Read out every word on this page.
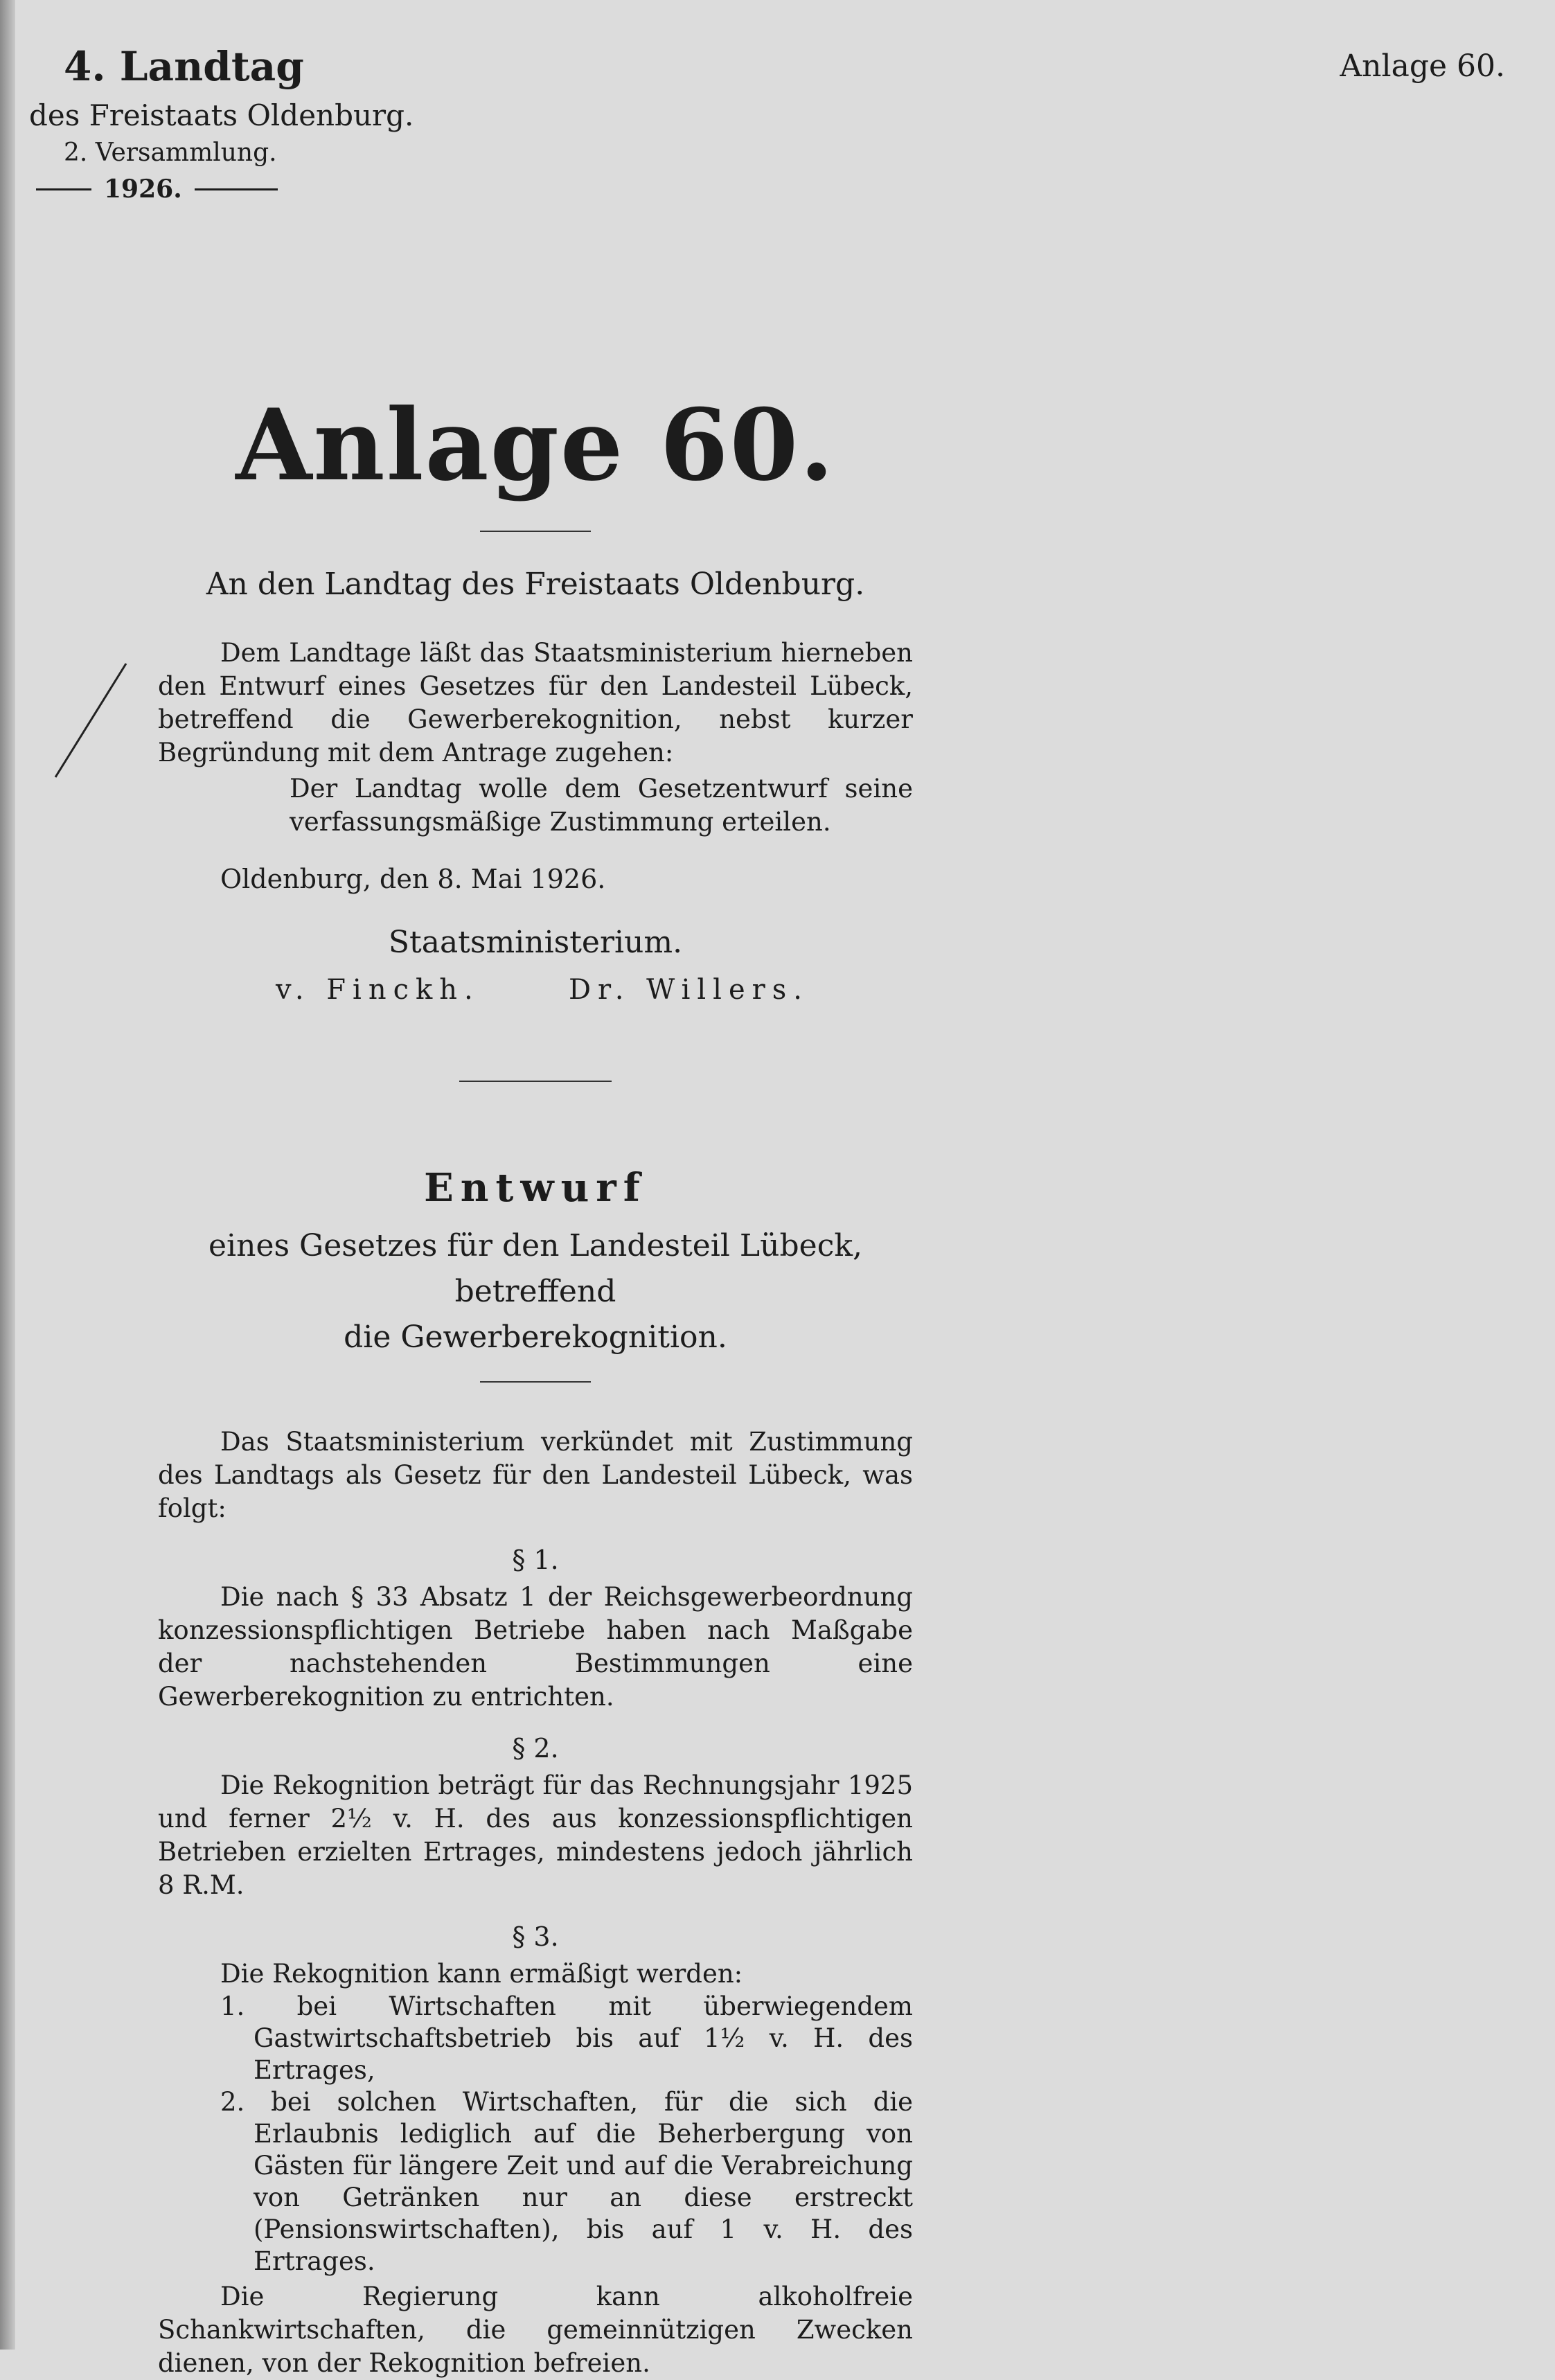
4. Landtag
des Freistaats Oldenburg.
2. Versammlung.
1926.
Anlage 60.
Anlage 60.
An den Landtag des Freistaats Oldenburg.

Dem Landtage läßt das Staatsministerium hierneben den Entwurf eines Gesetzes für den Landesteil Lübeck, betreffend die Gewerberekognition, nebst kurzer Begründung mit dem Antrage zugehen:

Der Landtag wolle dem Gesetzentwurf seine verfassungsmäßige Zustimmung erteilen.

Oldenburg, den 8. Mai 1926.
Staatsministerium.
v. Finckh.	Dr. Willers.
Entwurf
eines Gesetzes für den Landesteil Lübeck, betreffend
die Gewerberekognition.

Das Staatsministerium verkündet mit Zustimmung des Landtags als Gesetz für den Landesteil Lübeck, was folgt:

§ 1.

Die nach § 33 Absatz 1 der Reichsgewerbeordnung konzessionspflichtigen Betriebe haben nach Maßgabe der nachstehenden Bestimmungen eine Gewerberekognition zu entrichten.

§ 2.

Die Rekognition beträgt für das Rechnungsjahr 1925 und ferner 2½ v. H. des aus konzessionspflichtigen Betrieben erzielten Ertrages, mindestens jedoch jährlich 8 R.M.

§ 3.

Die Rekognition kann ermäßigt werden:

1. bei Wirtschaften mit überwiegendem Gastwirtschaftsbetrieb bis auf 1½ v. H. des Ertrages,
2. bei solchen Wirtschaften, für die sich die Erlaubnis lediglich auf die Beherbergung von Gästen für längere Zeit und auf die Verabreichung von Getränken nur an diese erstreckt (Pensionswirtschaften), bis auf 1 v. H. des Ertrages.

Die Regierung kann alkoholfreie Schankwirtschaften, die gemeinnützigen Zwecken dienen, von der Rekognition befreien.
